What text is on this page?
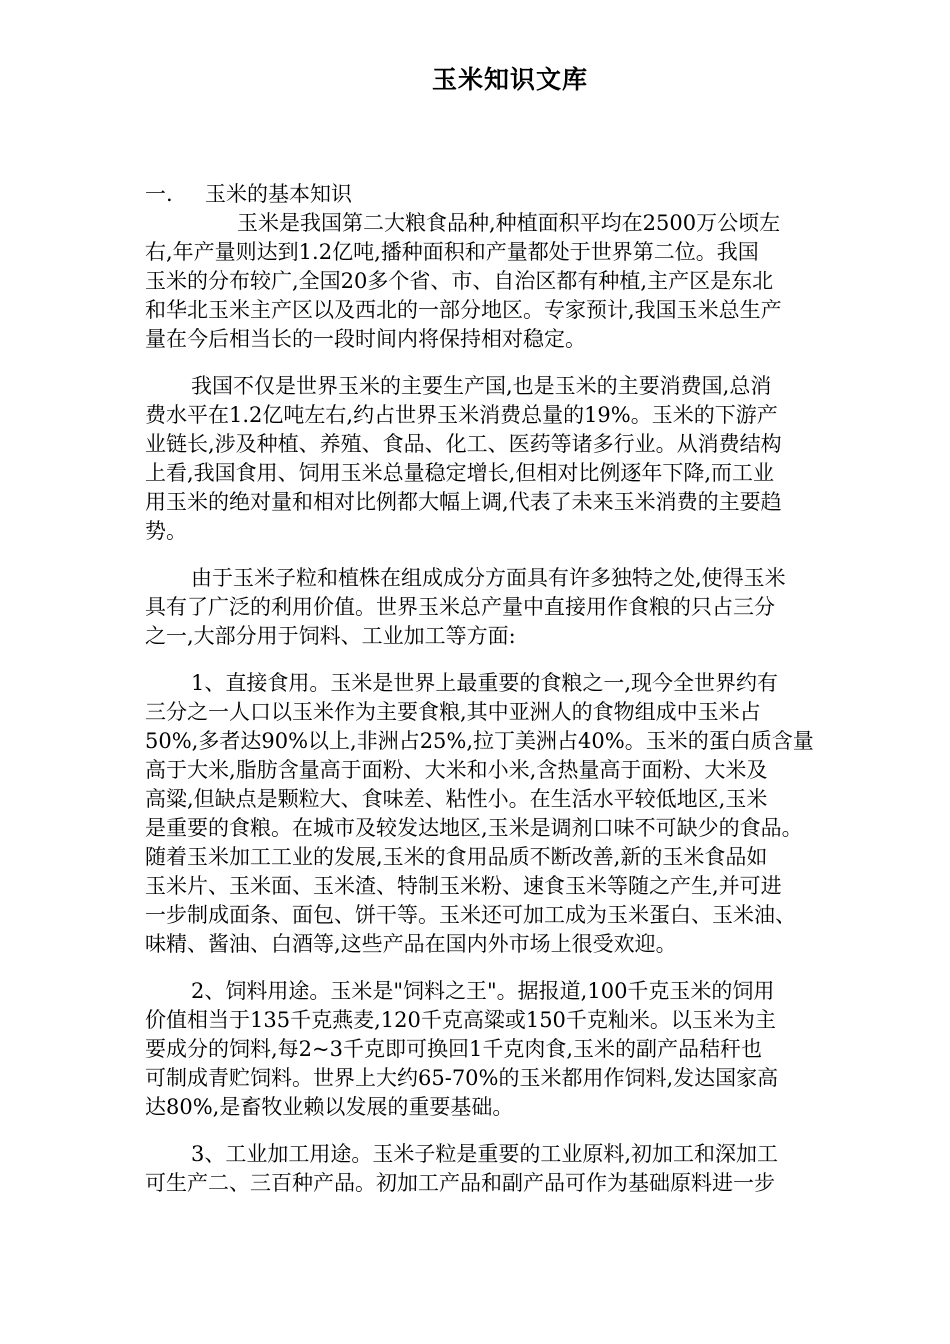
玉米知识文库
一. 玉米的基本知识
玉米是我国第二大粮食品种,种植面积平均在2500万公顷左
右,年产量则达到1.2亿吨,播种面积和产量都处于世界第二位。我国
玉米的分布较广,全国20多个省、市、自治区都有种植,主产区是东北
和华北玉米主产区以及西北的一部分地区。专家预计,我国玉米总生产
量在今后相当长的一段时间内将保持相对稳定。
我国不仅是世界玉米的主要生产国,也是玉米的主要消费国,总消
费水平在1.2亿吨左右,约占世界玉米消费总量的19%。玉米的下游产
业链长,涉及种植、养殖、食品、化工、医药等诸多行业。从消费结构
上看,我国食用、饲用玉米总量稳定增长,但相对比例逐年下降,而工业
用玉米的绝对量和相对比例都大幅上调,代表了未来玉米消费的主要趋
势。
由于玉米子粒和植株在组成成分方面具有许多独特之处,使得玉米
具有了广泛的利用价值。世界玉米总产量中直接用作食粮的只占三分
之一,大部分用于饲料、工业加工等方面:
1、直接食用。玉米是世界上最重要的食粮之一,现今全世界约有
三分之一人口以玉米作为主要食粮,其中亚洲人的食物组成中玉米占
50%,多者达90%以上,非洲占25%,拉丁美洲占40%。玉米的蛋白质含量
高于大米,脂肪含量高于面粉、大米和小米,含热量高于面粉、大米及
高粱,但缺点是颗粒大、食味差、粘性小。在生活水平较低地区,玉米
是重要的食粮。在城市及较发达地区,玉米是调剂口味不可缺少的食品。
随着玉米加工工业的发展,玉米的食用品质不断改善,新的玉米食品如
玉米片、玉米面、玉米渣、特制玉米粉、速食玉米等随之产生,并可进
一步制成面条、面包、饼干等。玉米还可加工成为玉米蛋白、玉米油、
味精、酱油、白酒等,这些产品在国内外市场上很受欢迎。
2、饲料用途。玉米是"饲料之王"。据报道,100千克玉米的饲用
价值相当于135千克燕麦,120千克高粱或150千克籼米。以玉米为主
要成分的饲料,每2~3千克即可换回1千克肉食,玉米的副产品秸秆也
可制成青贮饲料。世界上大约65-70%的玉米都用作饲料,发达国家高
达80%,是畜牧业赖以发展的重要基础。
3、工业加工用途。玉米子粒是重要的工业原料,初加工和深加工
可生产二、三百种产品。初加工产品和副产品可作为基础原料进一步
